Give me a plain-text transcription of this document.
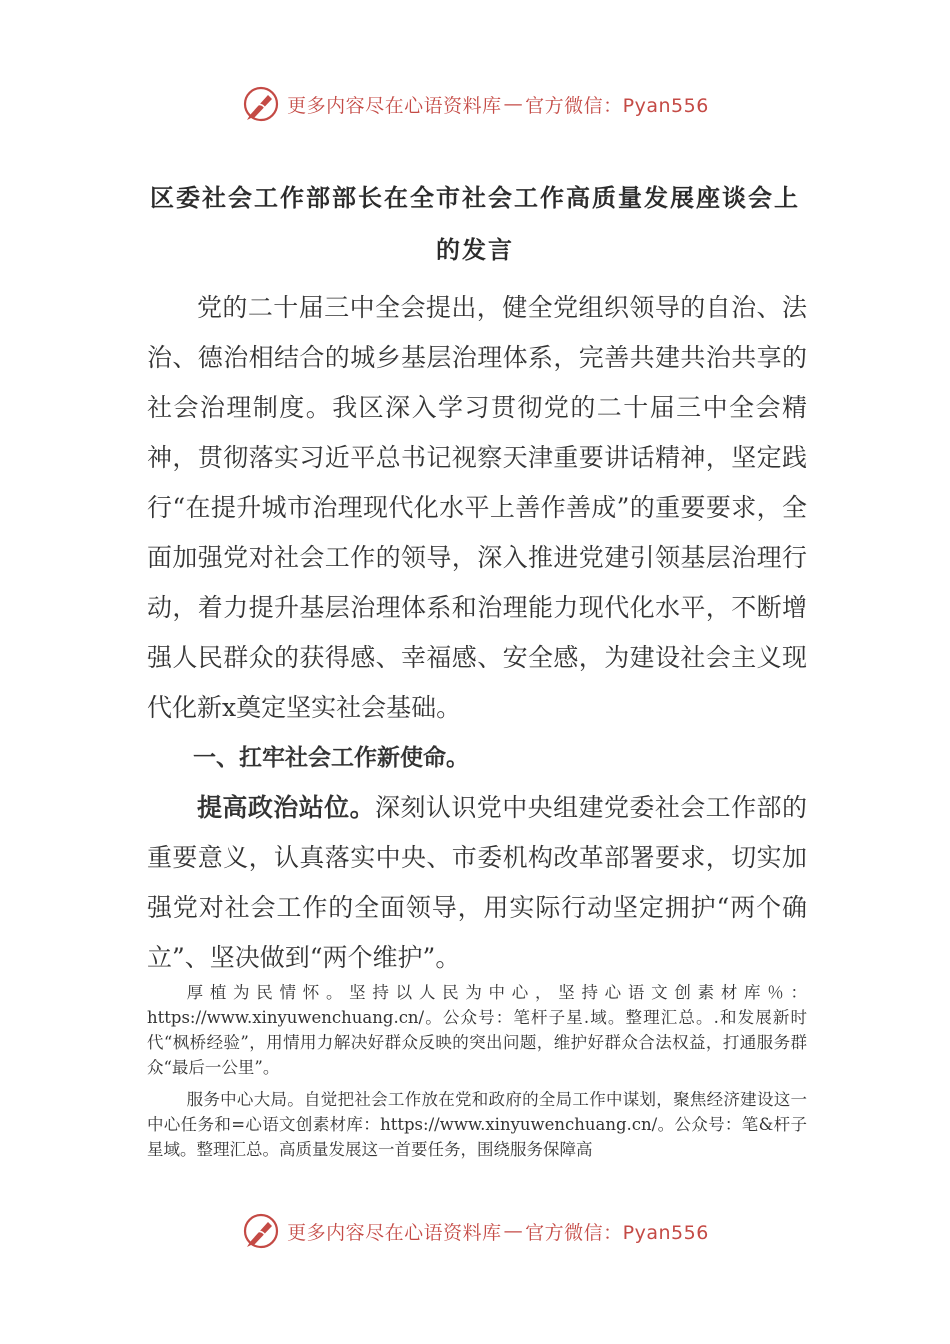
更多内容尽在心语资料库 — 官方微信：Pyan556
区委社会工作部部长在全市社会工作高质量发展座谈会上
的发言

党的二十届三中全会提出，健全党组织领导的自治、法治、德治相结合的城乡基层治理体系，完善共建共治共享的社会治理制度。我区深入学习贯彻党的二十届三中全会精神，贯彻落实习近平总书记视察天津重要讲话精神，坚定践行“在提升城市治理现代化水平上善作善成”的重要要求，全面加强党对社会工作的领导，深入推进党建引领基层治理行动，着力提升基层治理体系和治理能力现代化水平，不断增强人民群众的获得感、幸福感、安全感，为建设社会主义现代化新x奠定坚实社会基础。

一、扛牢社会工作新使命。

提高政治站位。深刻认识党中央组建党委社会工作部的重要意义，认真落实中央、市委机构改革部署要求，切实加强党对社会工作的全面领导，用实际行动坚定拥护“两个确立”、坚决做到“两个维护”。

厚植为民情怀。坚持以人民为中心，坚持心语文创素材库％：https://www.xinyuwenchuang.cn/。公众号：笔杆子星.域。整理汇总。.和发展新时代“枫桥经验”，用情用力解决好群众反映的突出问题，维护好群众合法权益，打通服务群众“最后一公里”。

服务中心大局。自觉把社会工作放在党和政府的全局工作中谋划，聚焦经济建设这一中心任务和=心语文创素材库：https://www.xinyuwenchuang.cn/。公众号：笔&杆子星域。整理汇总。高质量发展这一首要任务，围绕服务保障高

更多内容尽在心语资料库 — 官方微信：Pyan556
